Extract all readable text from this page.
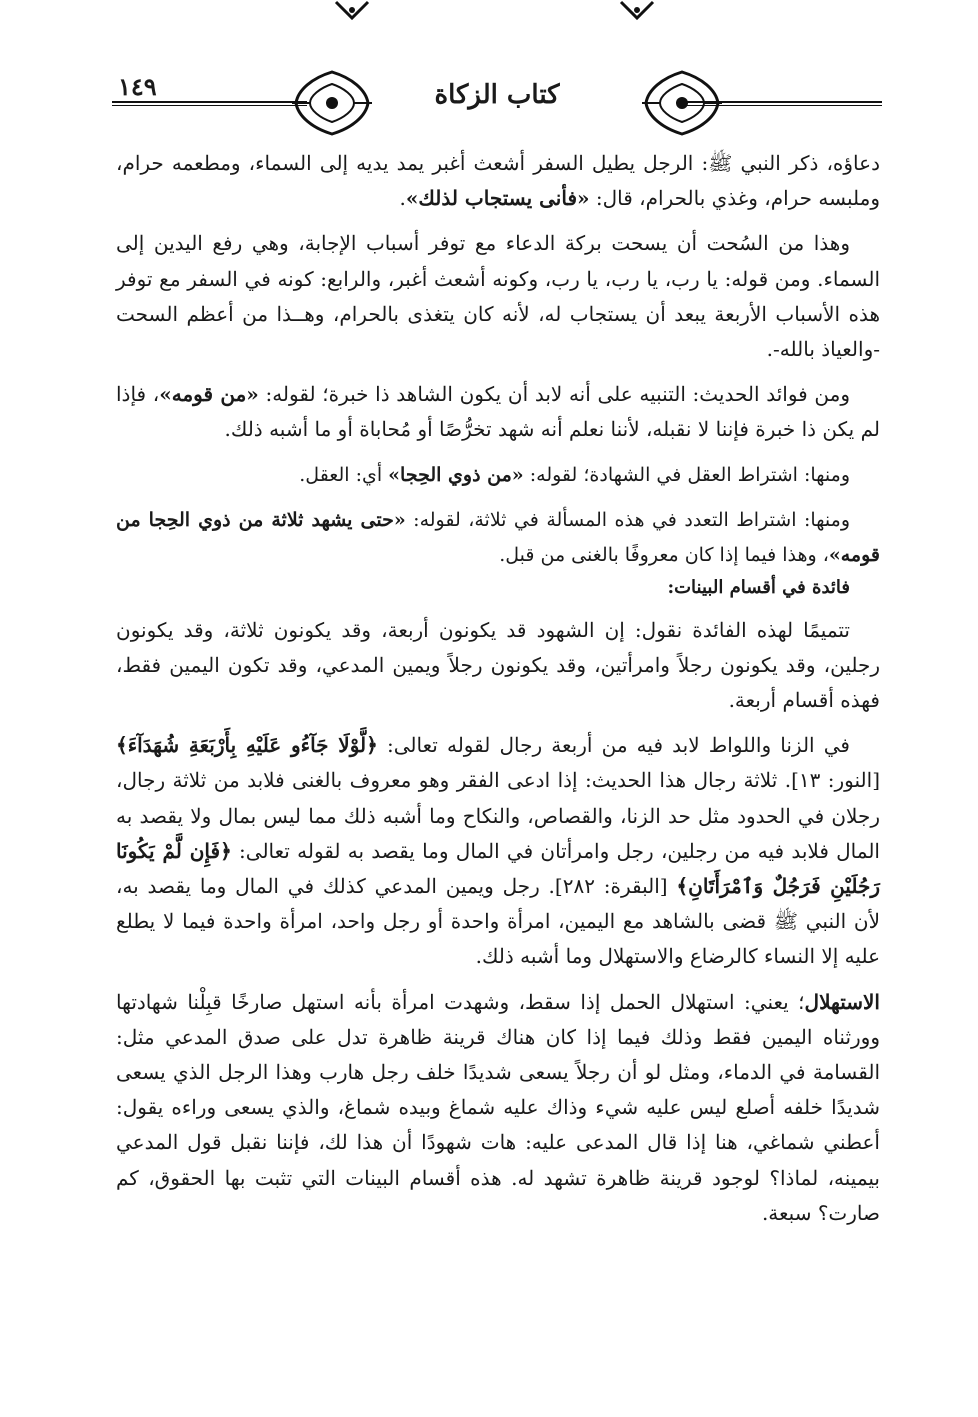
١٤٩	كتاب الزكاة

دعاؤه، ذكر النبي ﷺ: الرجل يطيل السفر أشعث أغبر يمد يديه إلى السماء، ومطعمه حرام، وملبسه حرام، وغذي بالحرام، قال: «فأنى يستجاب لذلك».

وهذا من السُحت أن يسحت بركة الدعاء مع توفر أسباب الإجابة، وهي رفع اليدين إلى السماء. ومن قوله: يا رب، يا رب، يا رب، وكونه أشعث أغبر، والرابع: كونه في السفر مع توفر هذه الأسباب الأربعة يبعد أن يستجاب له، لأنه كان يتغذى بالحرام، وهــذا من أعظم السحت -والعياذ بالله-.

ومن فوائد الحديث: التنبيه على أنه لابد أن يكون الشاهد ذا خبرة؛ لقوله: «من قومه»، فإذا لم يكن ذا خبرة فإننا لا نقبله، لأننا نعلم أنه شهد تخرُّصًا أو مُحاباة أو ما أشبه ذلك.

ومنها: اشتراط العقل في الشهادة؛ لقوله: «من ذوي الحِجا» أي: العقل.

ومنها: اشتراط التعدد في هذه المسألة في ثلاثة، لقوله: «حتى يشهد ثلاثة من ذوي الحِجا من قومه»، وهذا فيما إذا كان معروفًا بالغنى من قبل.

فائدة في أقسام البينات:

تتميمًا لهذه الفائدة نقول: إن الشهود قد يكونون أربعة، وقد يكونون ثلاثة، وقد يكونون رجلين، وقد يكونون رجلاً وامرأتين، وقد يكونون رجلاً ويمين المدعي، وقد تكون اليمين فقط، فهذه أقسام أربعة.

في الزنا واللواط لابد فيه من أربعة رجال لقوله تعالى: ﴿لَّوْلَا جَآءُو عَلَيْهِ بِأَرْبَعَةِ شُهَدَآءَ﴾ [النور: ١٣]. ثلاثة رجال هذا الحديث: إذا ادعى الفقر وهو معروف بالغنى فلابد من ثلاثة رجال، رجلان في الحدود مثل حد الزنا، والقصاص، والنكاح وما أشبه ذلك مما ليس بمال ولا يقصد به المال فلابد فيه من رجلين، رجل وامرأتان في المال وما يقصد به لقوله تعالى: ﴿فَإِن لَّمْ يَكُونَا رَجُلَيْنِ فَرَجُلٌ وَٱمْرَأَتَانِ﴾ [البقرة: ٢٨٢]. رجل ويمين المدعي كذلك في المال وما يقصد به، لأن النبي ﷺ قضى بالشاهد مع اليمين، امرأة واحدة أو رجل واحد، امرأة واحدة فيما لا يطلع عليه إلا النساء كالرضاع والاستهلال وما أشبه ذلك.

الاستهلال؛ يعني: استهلال الحمل إذا سقط، وشهدت امرأة بأنه استهل صارخًا قبِلْنا شهادتها وورثناه اليمين فقط وذلك فيما إذا كان هناك قرينة ظاهرة تدل على صدق المدعي مثل: القسامة في الدماء، ومثل لو أن رجلاً يسعى شديدًا خلف رجل هارب وهذا الرجل الذي يسعى شديدًا خلفه أصلع ليس عليه شيء وذاك عليه شماغ وبيده شماغ، والذي يسعى وراءه يقول: أعطني شماغي، هنا إذا قال المدعى عليه: هات شهودًا أن هذا لك، فإننا نقبل قول المدعي بيمينه، لماذا؟ لوجود قرينة ظاهرة تشهد له. هذه أقسام البينات التي تثبت بها الحقوق، كم صارت؟ سبعة.
